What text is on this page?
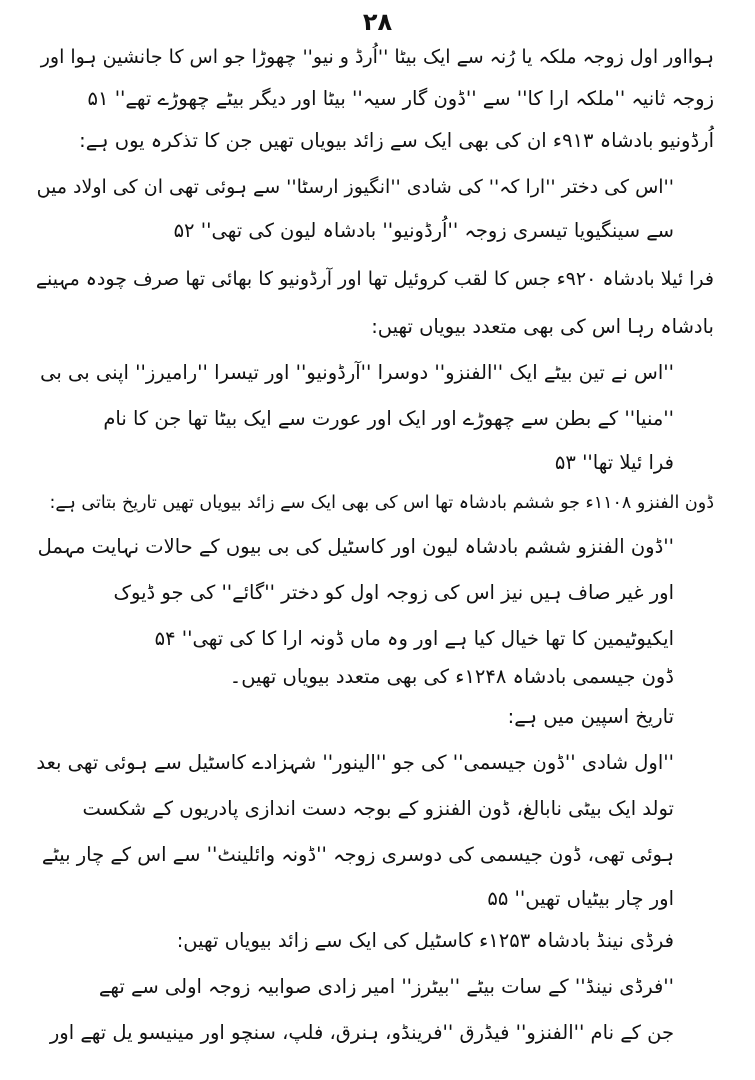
۲۸
ہوااور اول زوجہ ملکہ یا رُنہ سے ایک بیٹا ''اُرڈ و نیو'' چھوڑا جو اس کا جانشین ہوا اور
زوجہ ثانیہ ''ملکہ ارا کا'' سے ''ڈون گار سیہ'' بیٹا اور دیگر بیٹے چھوڑے تھے'' ۵۱
اُرڈونیو بادشاہ ۹۱۳ء ان کی بھی ایک سے زائد بیویاں تھیں جن کا تذکرہ یوں ہے:
''اس کی دختر ''ارا کہ'' کی شادی ''انگیوز ارسٹا'' سے ہوئی تھی ان کی اولاد میں
سے سینگیویا تیسری زوجہ ''اُرڈونیو'' بادشاہ لیون کی تھی'' ۵۲
فرا ئیلا بادشاہ ۹۲۰ء جس کا لقب کروئیل تھا اور آرڈونیو کا بھائی تھا صرف چودہ مہینے
بادشاہ رہا اس کی بھی متعدد بیویاں تھیں:
''اس نے تین بیٹے ایک ''الفنزو'' دوسرا ''آرڈونیو'' اور تیسرا ''رامیرز'' اپنی بی بی
''منیا'' کے بطن سے چھوڑے اور ایک اور عورت سے ایک بیٹا تھا جن کا نام
فرا ئیلا تھا'' ۵۳
ڈون الفنزو ۱۱۰۸ء جو ششم بادشاہ تھا اس کی بھی ایک سے زائد بیویاں تھیں تاریخ بتاتی ہے:
''ڈون الفنزو ششم بادشاہ لیون اور کاسٹیل کی بی بیوں کے حالات نہایت مہمل
اور غیر صاف ہیں نیز اس کی زوجہ اول کو دختر ''گائے'' کی جو ڈیوک
ایکیوٹیمین کا تھا خیال کیا ہے اور وہ ماں ڈونہ ارا کا کی تھی'' ۵۴
ڈون جیسمی بادشاہ ۱۲۴۸ء کی بھی متعدد بیویاں تھیں۔
تاریخ اسپین میں ہے:
''اول شادی ''ڈون جیسمی'' کی جو ''الینور'' شہزادے کاسٹیل سے ہوئی تھی بعد
تولد ایک بیٹی نابالغ، ڈون الفنزو کے بوجہ دست اندازی پادریوں کے شکست
ہوئی تھی، ڈون جیسمی کی دوسری زوجہ ''ڈونہ وائلینٹ'' سے اس کے چار بیٹے
اور چار بیٹیاں تھیں'' ۵۵
فرڈی نینڈ بادشاہ ۱۲۵۳ء کاسٹیل کی ایک سے زائد بیویاں تھیں:
''فرڈی نینڈ'' کے سات بیٹے ''بیٹرز'' امیر زادی صوابیہ زوجہ اولی سے تھے
جن کے نام ''الفنزو'' فیڈرق ''فرینڈو، ہنرق، فلپ، سنچو اور مینیسو یل تھے اور
